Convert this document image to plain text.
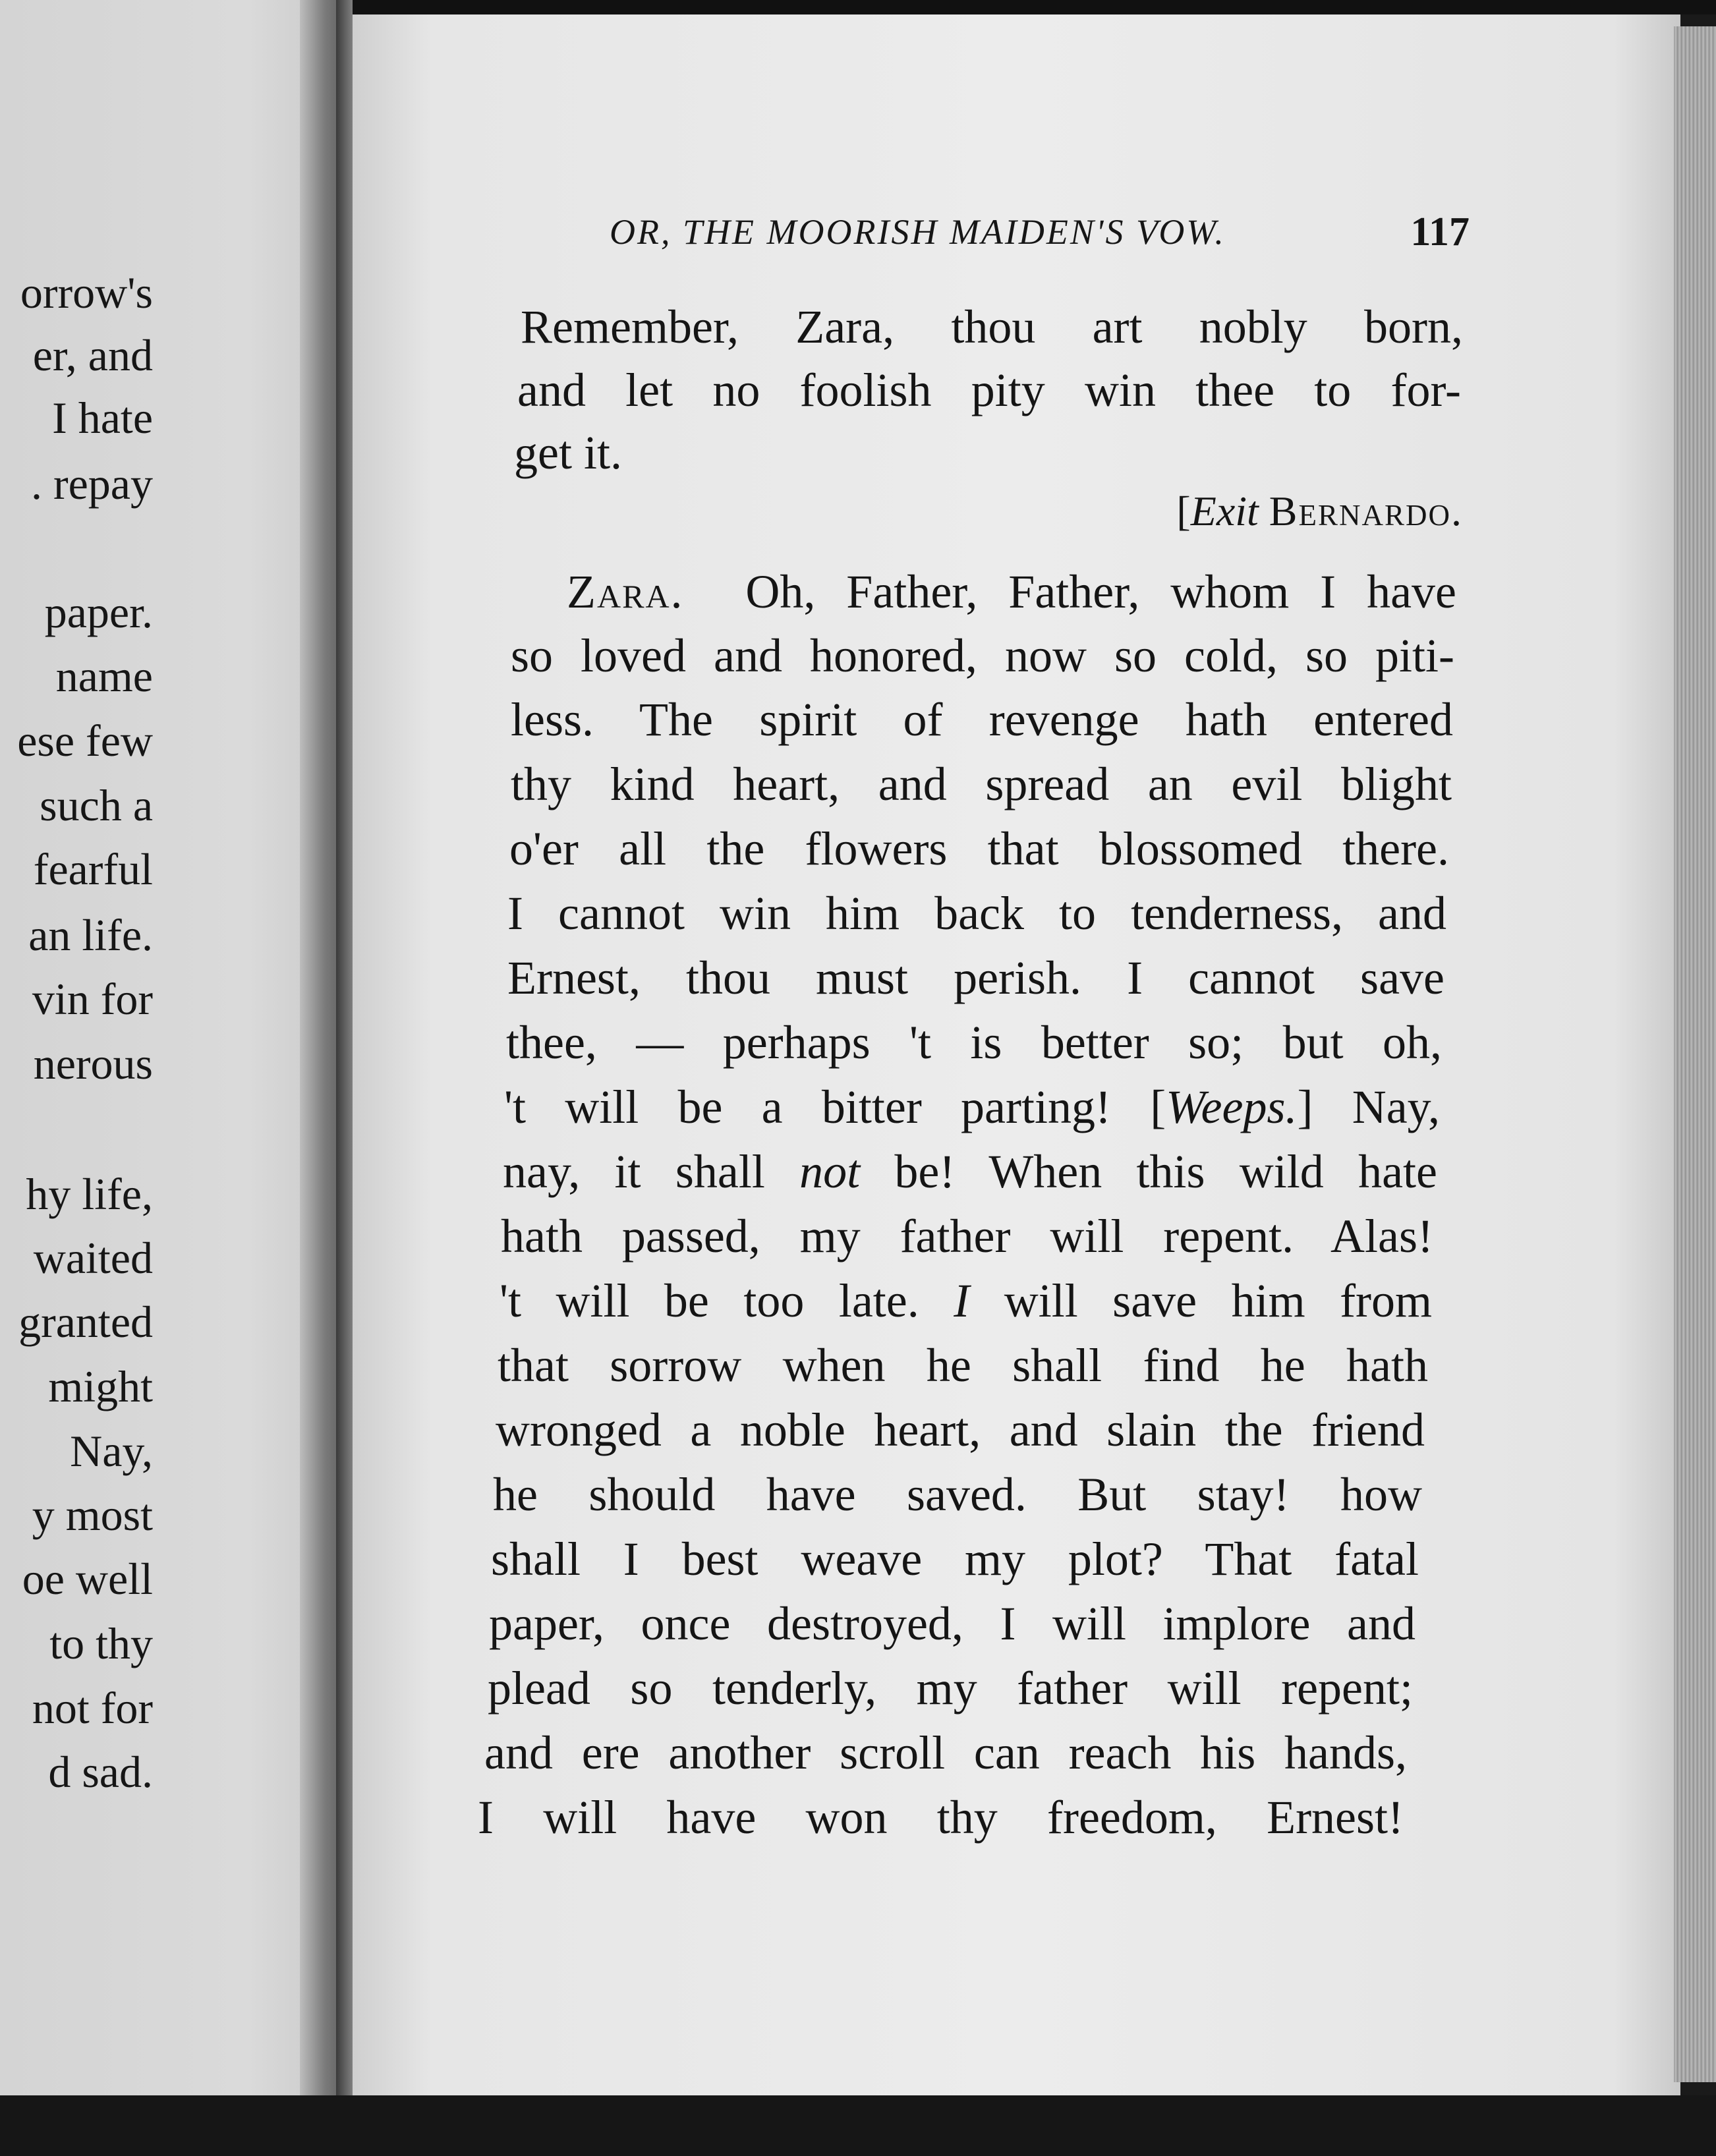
orrow's
er, and
I hate
. repay
paper.
name
ese few
such a
fearful
an life.
vin for
nerous
hy life,
waited
granted
might
Nay,
y most
oe well
to thy
not for
d sad.
OR, THE MOORISH MAIDEN'S VOW.	117
Remember, Zara, thou art nobly born,
and let no foolish pity win thee to for-
get it.
[Exit Bernardo.
Zara. Oh, Father, Father, whom I have
so loved and honored, now so cold, so piti-
less. The spirit of revenge hath entered
thy kind heart, and spread an evil blight
o'er all the flowers that blossomed there.
I cannot win him back to tenderness, and
Ernest, thou must perish. I cannot save
thee, — perhaps 't is better so; but oh,
't will be a bitter parting! [Weeps.] Nay,
nay, it shall not be! When this wild hate
hath passed, my father will repent. Alas!
't will be too late. I will save him from
that sorrow when he shall find he hath
wronged a noble heart, and slain the friend
he should have saved. But stay! how
shall I best weave my plot? That fatal
paper, once destroyed, I will implore and
plead so tenderly, my father will repent;
and ere another scroll can reach his hands,
I will have won thy freedom, Ernest!
